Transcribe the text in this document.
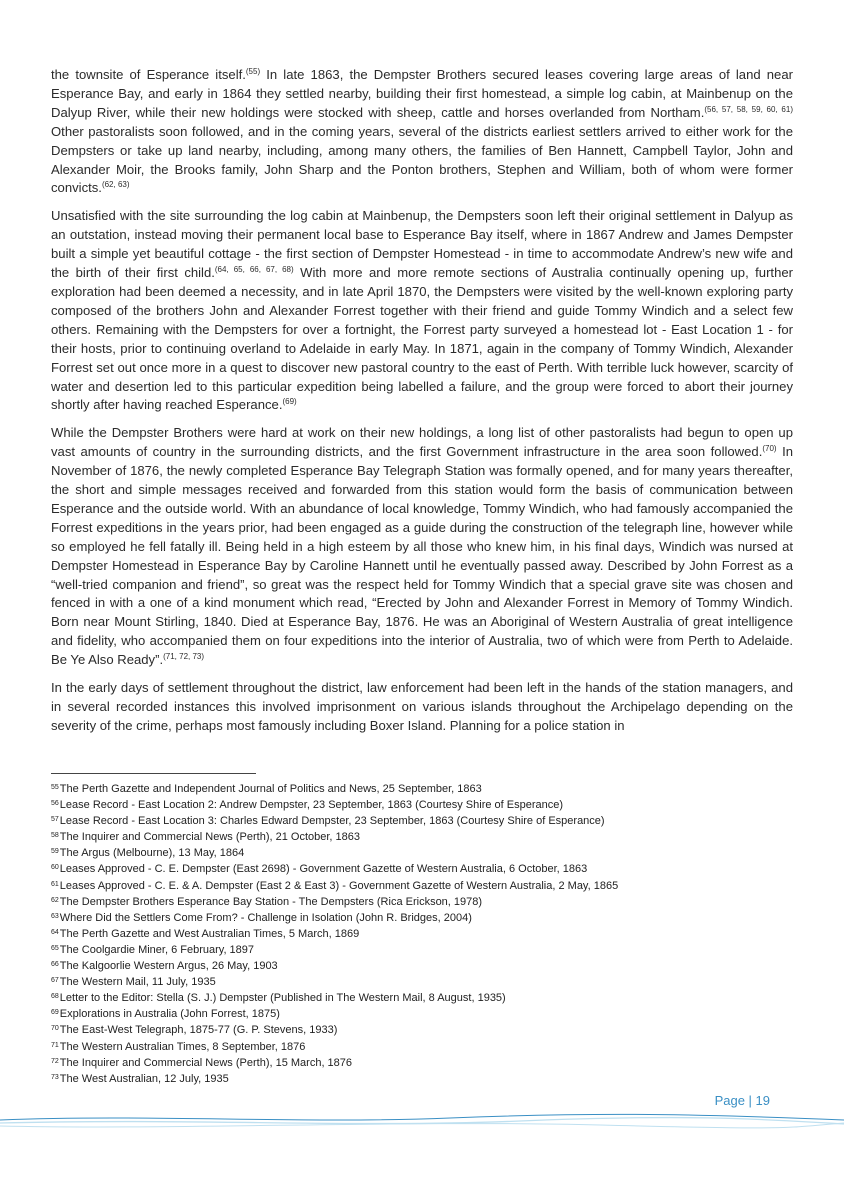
the townsite of Esperance itself.$^{(55)}$ In late 1863, the Dempster Brothers secured leases covering large areas of land near Esperance Bay, and early in 1864 they settled nearby, building their first homestead, a simple log cabin, at Mainbenup on the Dalyup River, while their new holdings were stocked with sheep, cattle and horses overlanded from Northam.$^{(56, 57, 58, 59, 60, 61)}$ Other pastoralists soon followed, and in the coming years, several of the districts earliest settlers arrived to either work for the Dempsters or take up land nearby, including, among many others, the families of Ben Hannett, Campbell Taylor, John and Alexander Moir, the Brooks family, John Sharp and the Ponton brothers, Stephen and William, both of whom were former convicts.$^{(62, 63)}$

Unsatisfied with the site surrounding the log cabin at Mainbenup, the Dempsters soon left their original settlement in Dalyup as an outstation, instead moving their permanent local base to Esperance Bay itself, where in 1867 Andrew and James Dempster built a simple yet beautiful cottage - the first section of Dempster Homestead - in time to accommodate Andrew’s new wife and the birth of their first child.$^{(64, 65, 66, 67, 68)}$ With more and more remote sections of Australia continually opening up, further exploration had been deemed a necessity, and in late April 1870, the Dempsters were visited by the well-known exploring party composed of the brothers John and Alexander Forrest together with their friend and guide Tommy Windich and a select few others. Remaining with the Dempsters for over a fortnight, the Forrest party surveyed a homestead lot - East Location 1 - for their hosts, prior to continuing overland to Adelaide in early May. In 1871, again in the company of Tommy Windich, Alexander Forrest set out once more in a quest to discover new pastoral country to the east of Perth. With terrible luck however, scarcity of water and desertion led to this particular expedition being labelled a failure, and the group were forced to abort their journey shortly after having reached Esperance.$^{(69)}$

While the Dempster Brothers were hard at work on their new holdings, a long list of other pastoralists had begun to open up vast amounts of country in the surrounding districts, and the first Government infrastructure in the area soon followed.$^{(70)}$ In November of 1876, the newly completed Esperance Bay Telegraph Station was formally opened, and for many years thereafter, the short and simple messages received and forwarded from this station would form the basis of communication between Esperance and the outside world. With an abundance of local knowledge, Tommy Windich, who had famously accompanied the Forrest expeditions in the years prior, had been engaged as a guide during the construction of the telegraph line, however while so employed he fell fatally ill. Being held in a high esteem by all those who knew him, in his final days, Windich was nursed at Dempster Homestead in Esperance Bay by Caroline Hannett until he eventually passed away. Described by John Forrest as a “well-tried companion and friend”, so great was the respect held for Tommy Windich that a special grave site was chosen and fenced in with a one of a kind monument which read, “Erected by John and Alexander Forrest in Memory of Tommy Windich. Born near Mount Stirling, 1840. Died at Esperance Bay, 1876. He was an Aboriginal of Western Australia of great intelligence and fidelity, who accompanied them on four expeditions into the interior of Australia, two of which were from Perth to Adelaide. Be Ye Also Ready”.$^{(71, 72, 73)}$

In the early days of settlement throughout the district, law enforcement had been left in the hands of the station managers, and in several recorded instances this involved imprisonment on various islands throughout the Archipelago depending on the severity of the crime, perhaps most famously including Boxer Island. Planning for a police station in

$^{55}$The Perth Gazette and Independent Journal of Politics and News, 25 September, 1863
$^{56}$Lease Record - East Location 2: Andrew Dempster, 23 September, 1863 (Courtesy Shire of Esperance)
$^{57}$Lease Record - East Location 3: Charles Edward Dempster, 23 September, 1863 (Courtesy Shire of Esperance)
$^{58}$The Inquirer and Commercial News (Perth), 21 October, 1863
$^{59}$The Argus (Melbourne), 13 May, 1864
$^{60}$Leases Approved - C. E. Dempster (East 2698) - Government Gazette of Western Australia, 6 October, 1863
$^{61}$Leases Approved - C. E. & A. Dempster (East 2 & East 3) - Government Gazette of Western Australia, 2 May, 1865
$^{62}$The Dempster Brothers Esperance Bay Station - The Dempsters (Rica Erickson, 1978)
$^{63}$Where Did the Settlers Come From? - Challenge in Isolation (John R. Bridges, 2004)
$^{64}$The Perth Gazette and West Australian Times, 5 March, 1869
$^{65}$The Coolgardie Miner, 6 February, 1897
$^{66}$The Kalgoorlie Western Argus, 26 May, 1903
$^{67}$The Western Mail, 11 July, 1935
$^{68}$Letter to the Editor: Stella (S. J.) Dempster (Published in The Western Mail, 8 August, 1935)
$^{69}$Explorations in Australia (John Forrest, 1875)
$^{70}$The East-West Telegraph, 1875-77 (G. P. Stevens, 1933)
$^{71}$The Western Australian Times, 8 September, 1876
$^{72}$The Inquirer and Commercial News (Perth), 15 March, 1876
$^{73}$The West Australian, 12 July, 1935
Page | 19
